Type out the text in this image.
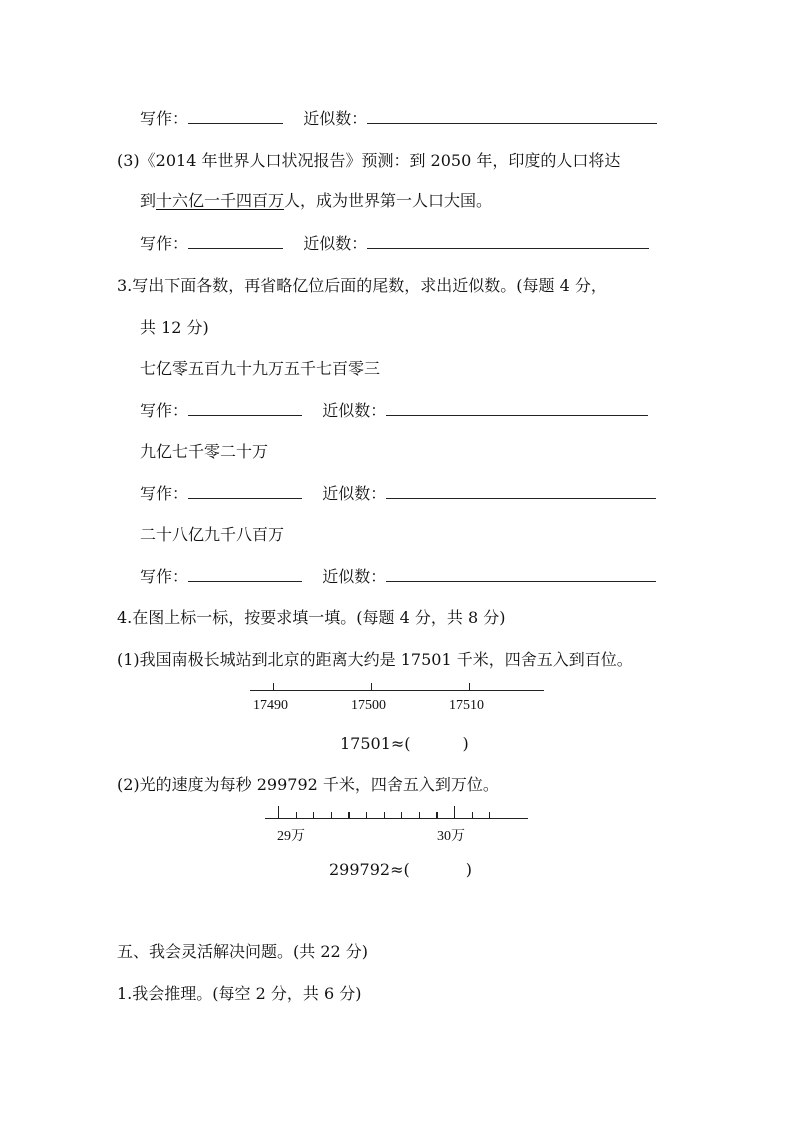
写作：	近似数：
(3)《2014 年世界人口状况报告》预测：到 2050 年，印度的人口将达
到十六亿一千四百万人，成为世界第一人口大国。
写作：	近似数：
3.写出下面各数，再省略亿位后面的尾数，求出近似数。(每题 4 分，
共 12 分)
七亿零五百九十九万五千七百零三
写作：	近似数：
九亿七千零二十万
写作：	近似数：
二十八亿九千八百万
写作：	近似数：
4.在图上标一标，按要求填一填。(每题 4 分，共 8 分)
(1)我国南极长城站到北京的距离大约是 17501 千米，四舍五入到百位。
17490	17500	17510
17501≈(	)
(2)光的速度为每秒 299792 千米，四舍五入到万位。
29万	30万
299792≈(	)
五、我会灵活解决问题。(共 22 分)
1.我会推理。(每空 2 分，共 6 分)
